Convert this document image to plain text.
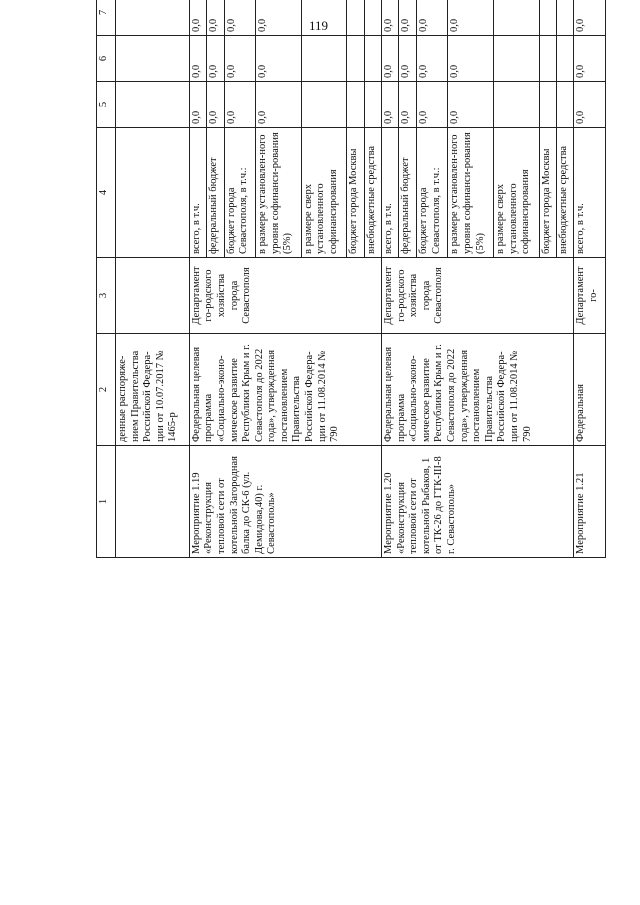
119
1	2	3	4	5	6	7				
	денные распоряже-нием Правительства Российской Федера-ции от 10.07.2017 № 1465-р									
Мероприятие 1.19 «Реконструкция тепловой сети от котельной Загородная балка до СК-6 (ул. Демидова,40) г. Севастополь»	Федеральная целевая программа «Социально-эконо-мическое развитие Республики Крым и г. Севастополя до 2022 года», утвержденная постановлением Правительства Российской Федера-ции от 11.08.2014 № 790	Департамент го-родского хозяйства города Севастополя	всего, в т.ч.	0,0	0,0	0,0				
			федеральный бюджет	0,0	0,0	0,0				
			бюджет города Севастополя, в т.ч.:	0,0	0,0	0,0				
			в размере установлен-ного уровня софинанси-рования (5%)	0,0	0,0	0,0				
			в размере сверх установленного софинансирования							
			бюджет города Москвы							
			внебюджетные средства							
Мероприятие 1.20 «Реконструкция тепловой сети от котельной Рыбаков, 1 от ТК-26 до ГТК-III-8 г. Севастополь»	Федеральная целевая программа «Социально-эконо-мическое развитие Республики Крым и г. Севастополя до 2022 года», утвержденная постановлением Правительства Российской Федера-ции от 11.08.2014 № 790	Департамент го-родского хозяйства города Севастополя	всего, в т.ч.	0,0	0,0	0,0				
			федеральный бюджет	0,0	0,0	0,0				
			бюджет города Севастополя, в т.ч.:	0,0	0,0	0,0				
			в размере установлен-ного уровня софинанси-рования (5%)	0,0	0,0	0,0				
			в размере сверх установленного софинансирования							
			бюджет города Москвы							
			внебюджетные средства							
Мероприятие 1.21	Федеральная	Департамент го-	всего, в т.ч.	0,0	0,0	0,0				
